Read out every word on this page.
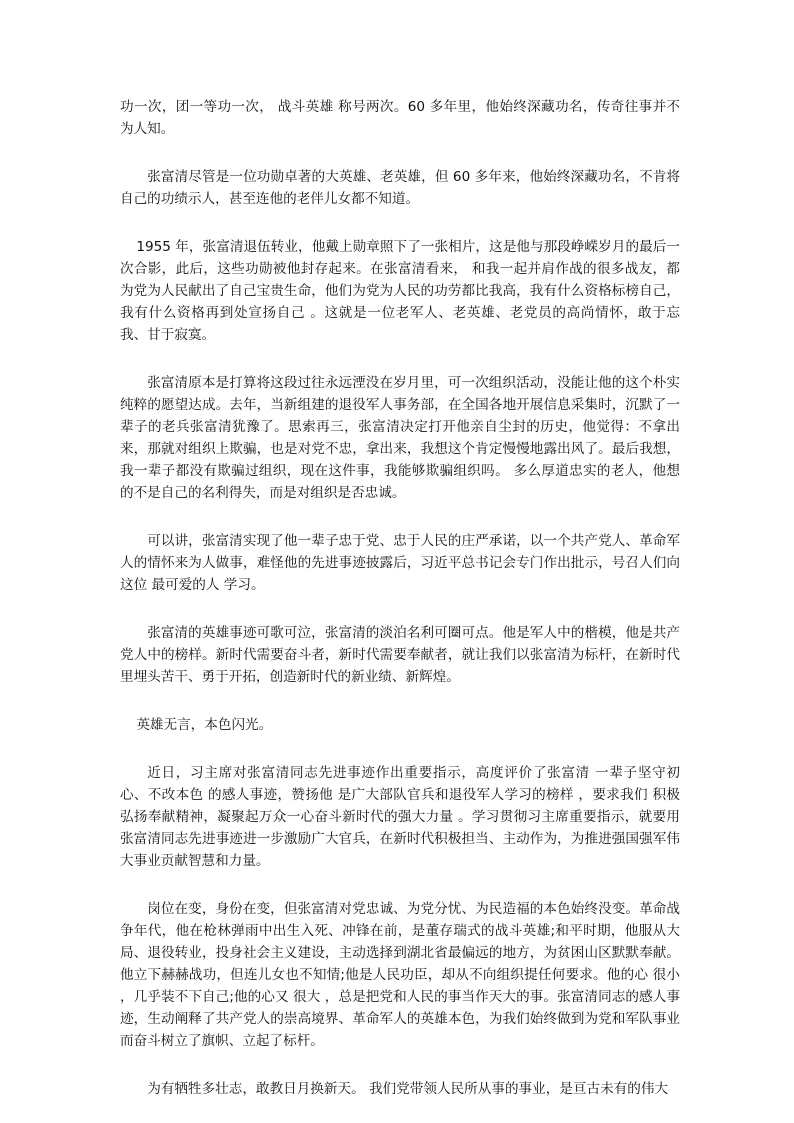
功一次，团一等功一次， 战斗英雄 称号两次。60 多年里，他始终深藏功名，传奇往事并不为人知。

张富清尽管是一位功勋卓著的大英雄、老英雄，但 60 多年来，他始终深藏功名，不肯将自己的功绩示人，甚至连他的老伴儿女都不知道。

1955 年，张富清退伍转业，他戴上勋章照下了一张相片，这是他与那段峥嵘岁月的最后一次合影，此后，这些功勋被他封存起来。在张富清看来， 和我一起并肩作战的很多战友，都为党为人民献出了自己宝贵生命，他们为党为人民的功劳都比我高，我有什么资格标榜自己，我有什么资格再到处宣扬自己 。这就是一位老军人、老英雄、老党员的高尚情怀，敢于忘我、甘于寂寞。

张富清原本是打算将这段过往永远湮没在岁月里，可一次组织活动，没能让他的这个朴实纯粹的愿望达成。去年，当新组建的退役军人事务部，在全国各地开展信息采集时，沉默了一辈子的老兵张富清犹豫了。思索再三，张富清决定打开他亲自尘封的历史，他觉得：不拿出来，那就对组织上欺骗，也是对党不忠，拿出来，我想这个肯定慢慢地露出风了。最后我想，我一辈子都没有欺骗过组织，现在这件事，我能够欺骗组织吗。 多么厚道忠实的老人，他想的不是自己的名利得失，而是对组织是否忠诚。

可以讲，张富清实现了他一辈子忠于党、忠于人民的庄严承诺，以一个共产党人、革命军人的情怀来为人做事，难怪他的先进事迹披露后，习近平总书记会专门作出批示，号召人们向这位 最可爱的人 学习。

张富清的英雄事迹可歌可泣，张富清的淡泊名利可圈可点。他是军人中的楷模，他是共产党人中的榜样。新时代需要奋斗者，新时代需要奉献者，就让我们以张富清为标杆，在新时代里埋头苦干、勇于开拓，创造新时代的新业绩、新辉煌。

英雄无言，本色闪光。

近日，习主席对张富清同志先进事迹作出重要指示，高度评价了张富清 一辈子坚守初心、不改本色 的感人事迹，赞扬他 是广大部队官兵和退役军人学习的榜样 ，要求我们 积极弘扬奉献精神，凝聚起万众一心奋斗新时代的强大力量 。学习贯彻习主席重要指示，就要用张富清同志先进事迹进一步激励广大官兵，在新时代积极担当、主动作为，为推进强国强军伟大事业贡献智慧和力量。

岗位在变，身份在变，但张富清对党忠诚、为党分忧、为民造福的本色始终没变。革命战争年代，他在枪林弹雨中出生入死、冲锋在前，是董存瑞式的战斗英雄;和平时期，他服从大局、退役转业，投身社会主义建设，主动选择到湖北省最偏远的地方，为贫困山区默默奉献。他立下赫赫战功，但连儿女也不知情;他是人民功臣，却从不向组织提任何要求。他的心 很小 ，几乎装不下自己;他的心又 很大 ，总是把党和人民的事当作天大的事。张富清同志的感人事迹，生动阐释了共产党人的崇高境界、革命军人的英雄本色，为我们始终做到为党和军队事业而奋斗树立了旗帜、立起了标杆。

为有牺牲多壮志，敢教日月换新天。 我们党带领人民所从事的事业，是亘古未有的伟大
